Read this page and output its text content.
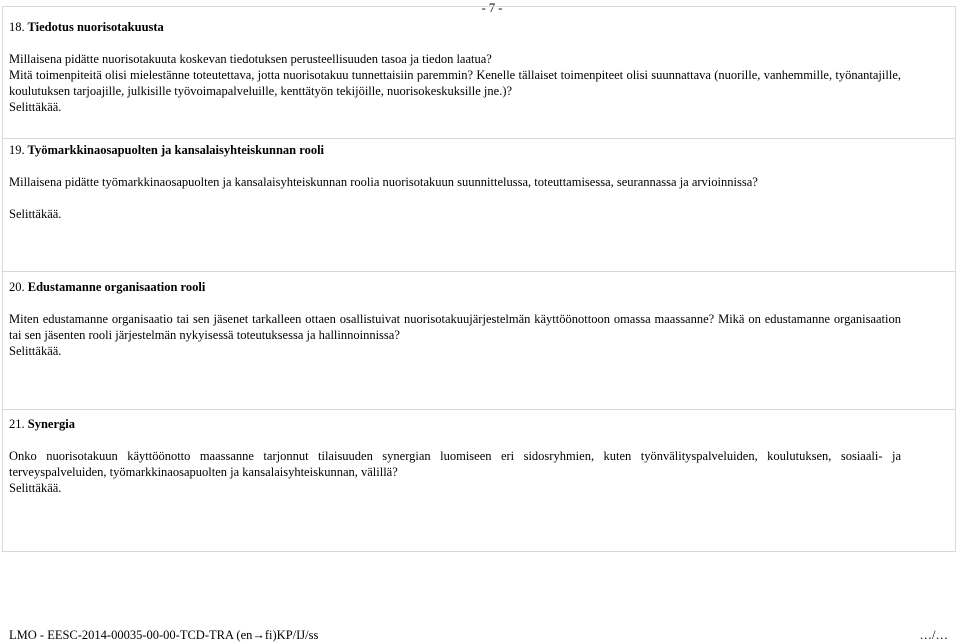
- 7 -
18. Tiedotus nuorisotakuusta

Millaisena pidätte nuorisotakuuta koskevan tiedotuksen perusteellisuuden tasoa ja tiedon laatua?

Mitä toimenpiteitä olisi mielestänne toteutettava, jotta nuorisotakuu tunnettaisiin paremmin? Kenelle tällaiset toimenpiteet olisi suunnattava (nuorille, vanhemmille, työnantajille, koulutuksen tarjoajille, julkisille työvoimapalveluille, kenttätyön tekijöille, nuorisokeskuksille jne.)?

Selittäkää.

19. Työmarkkinaosapuolten ja kansalaisyhteiskunnan rooli

Millaisena pidätte työmarkkinaosapuolten ja kansalaisyhteiskunnan roolia nuorisotakuun suunnittelussa, toteuttamisessa, seurannassa ja arvioinnissa?

Selittäkää.

20. Edustamanne organisaation rooli

Miten edustamanne organisaatio tai sen jäsenet tarkalleen ottaen osallistuivat nuorisotakuujärjestelmän käyttöönottoon omassa maassanne? Mikä on edustamanne organisaation tai sen jäsenten rooli järjestelmän nykyisessä toteutuksessa ja hallinnoinnissa?

Selittäkää.

21. Synergia

Onko nuorisotakuun käyttöönotto maassanne tarjonnut tilaisuuden synergian luomiseen eri sidosryhmien, kuten työnvälityspalveluiden, koulutuksen, sosiaali- ja terveyspalveluiden, työmarkkinaosapuolten ja kansalaisyhteiskunnan, välillä?

Selittäkää.

LMO - EESC-2014-00035-00-00-TCD-TRA (en→fi)KP/IJ/ss	…/…
